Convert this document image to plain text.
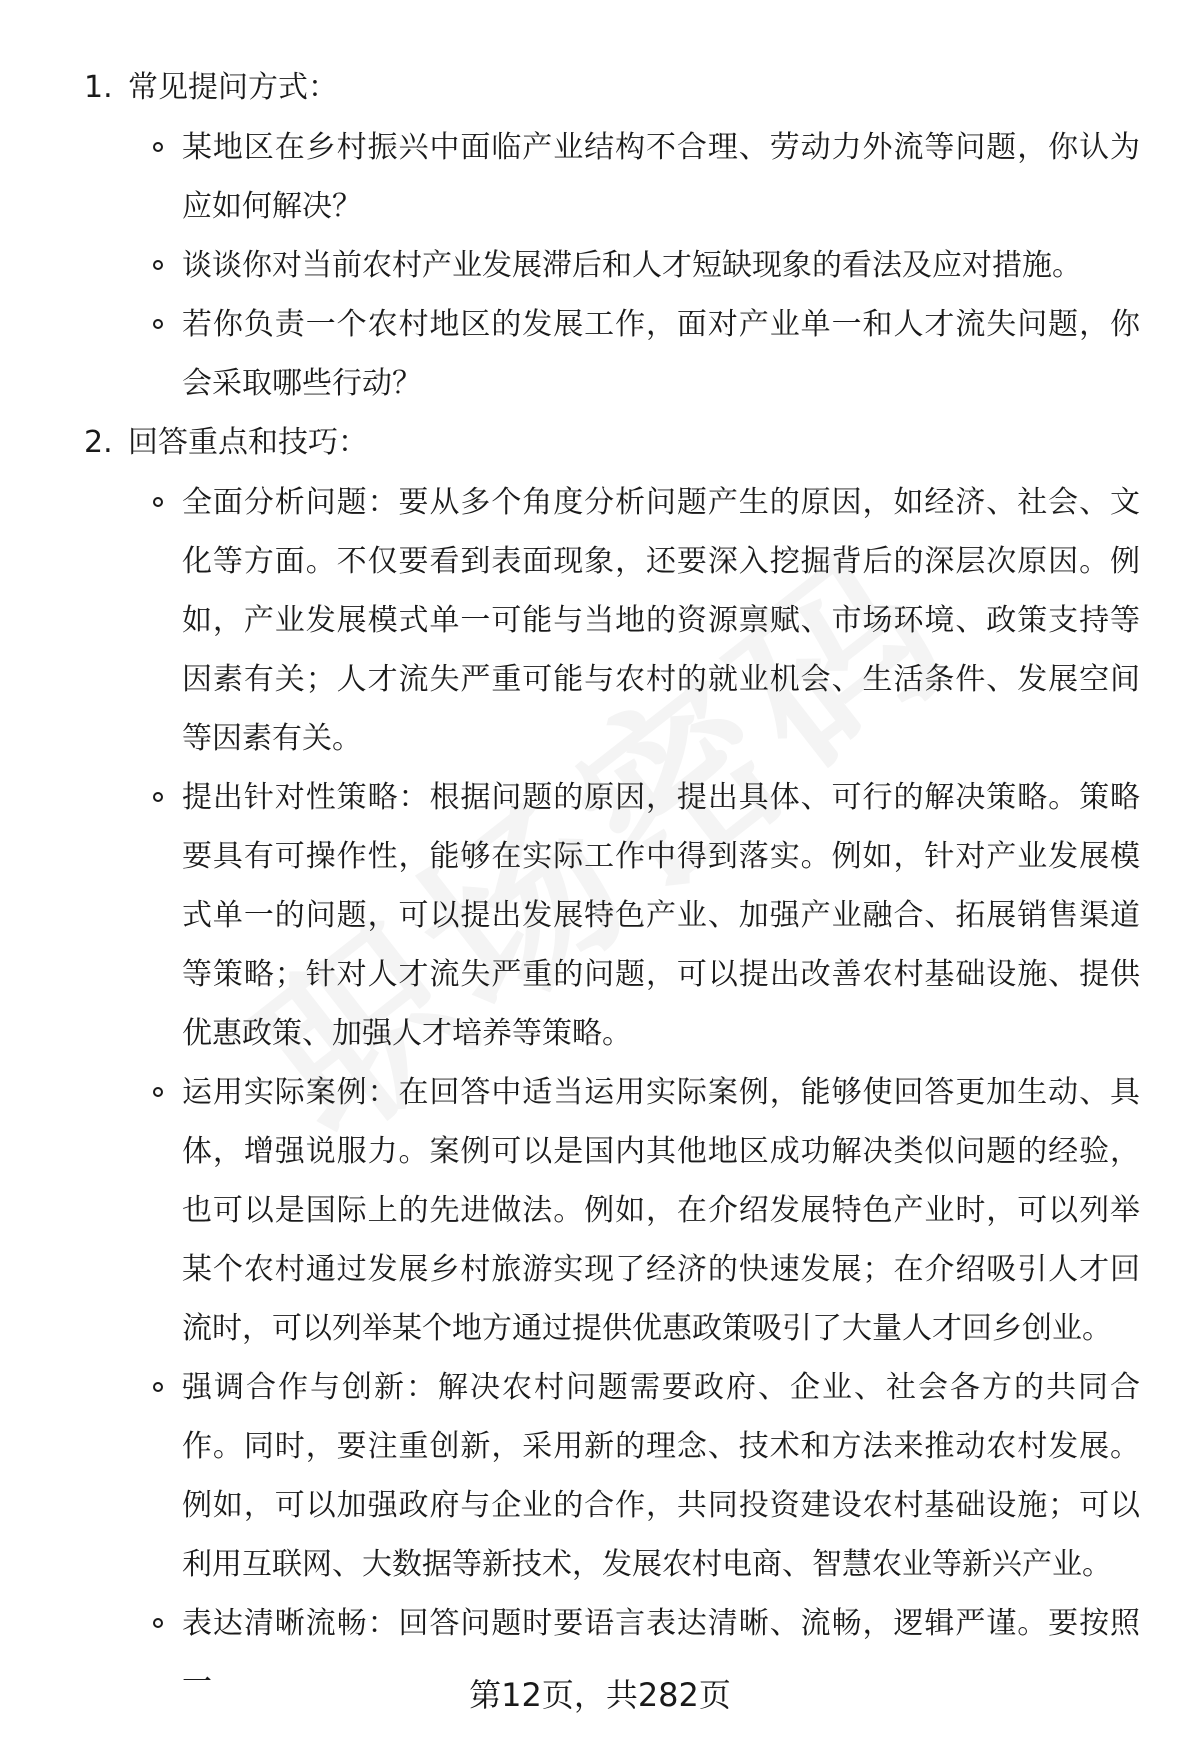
1. 常见提问方式：
某地区在乡村振兴中面临产业结构不合理、劳动力外流等问题，你认为应如何解决？
谈谈你对当前农村产业发展滞后和人才短缺现象的看法及应对措施。
若你负责一个农村地区的发展工作，面对产业单一和人才流失问题，你会采取哪些行动？
2. 回答重点和技巧：
全面分析问题：要从多个角度分析问题产生的原因，如经济、社会、文化等方面。不仅要看到表面现象，还要深入挖掘背后的深层次原因。例如，产业发展模式单一可能与当地的资源禀赋、市场环境、政策支持等因素有关；人才流失严重可能与农村的就业机会、生活条件、发展空间等因素有关。
提出针对性策略：根据问题的原因，提出具体、可行的解决策略。策略要具有可操作性，能够在实际工作中得到落实。例如，针对产业发展模式单一的问题，可以提出发展特色产业、加强产业融合、拓展销售渠道等策略；针对人才流失严重的问题，可以提出改善农村基础设施、提供优惠政策、加强人才培养等策略。
运用实际案例：在回答中适当运用实际案例，能够使回答更加生动、具体，增强说服力。案例可以是国内其他地区成功解决类似问题的经验，也可以是国际上的先进做法。例如，在介绍发展特色产业时，可以列举某个农村通过发展乡村旅游实现了经济的快速发展；在介绍吸引人才回流时，可以列举某个地方通过提供优惠政策吸引了大量人才回乡创业。
强调合作与创新：解决农村问题需要政府、企业、社会各方的共同合作。同时，要注重创新，采用新的理念、技术和方法来推动农村发展。例如，可以加强政府与企业的合作，共同投资建设农村基础设施；可以利用互联网、大数据等新技术，发展农村电商、智慧农业等新兴产业。
表达清晰流畅：回答问题时要语言表达清晰、流畅，逻辑严谨。要按照一	第12页，共282页
